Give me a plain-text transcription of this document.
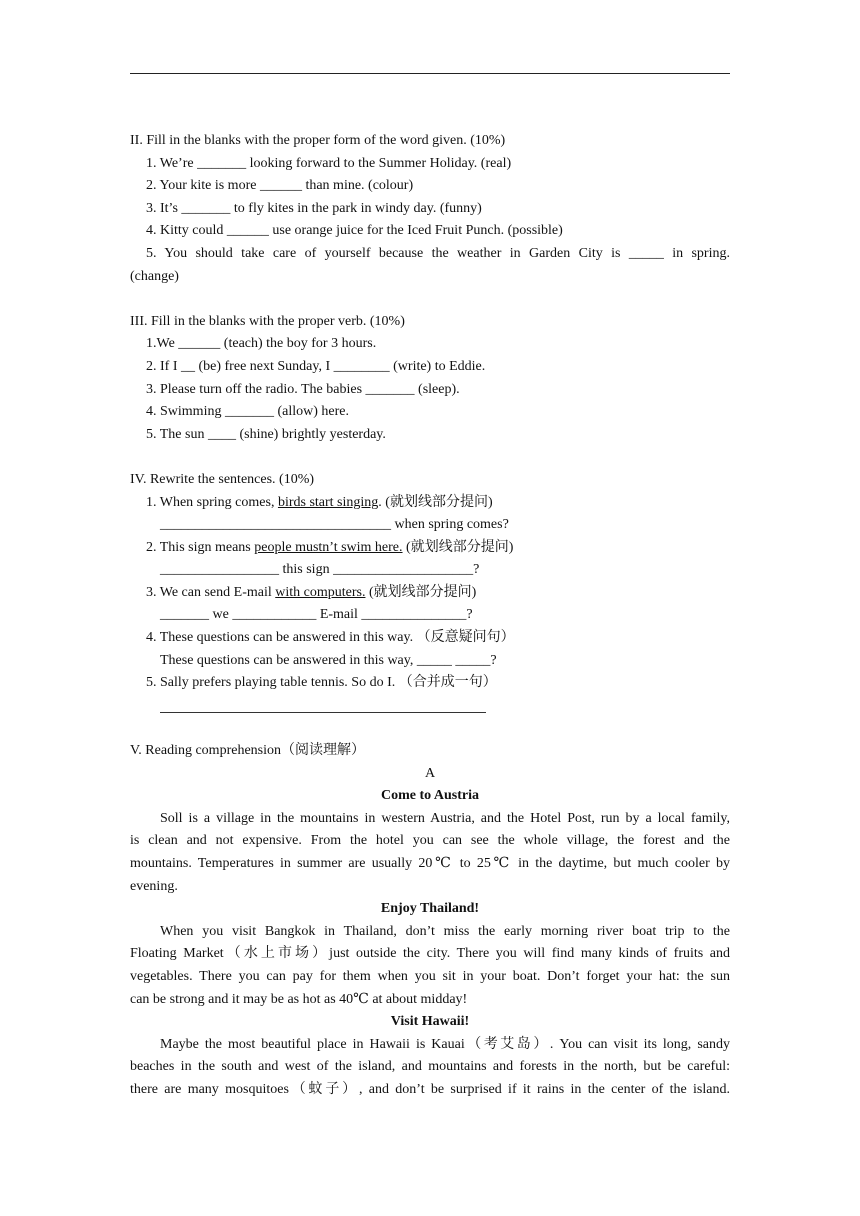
II. Fill in the blanks with the proper form of the word given. (10%)
1. We’re _______ looking forward to the Summer Holiday. (real)
2. Your kite is more ______ than mine. (colour)
3. It’s _______ to fly kites in the park in windy day. (funny)
4. Kitty could ______ use orange juice for the Iced Fruit Punch. (possible)
5. You should take care of yourself because the weather in Garden City is _____ in spring.
(change)
III. Fill in the blanks with the proper verb. (10%)
1.We ______ (teach) the boy for 3 hours.
2. If I __ (be) free next Sunday, I ________ (write) to Eddie.
3. Please turn off the radio. The babies _______ (sleep).
4. Swimming _______ (allow) here.
5. The sun ____ (shine) brightly yesterday.
IV. Rewrite the sentences. (10%)
1. When spring comes, birds start singing. (就划线部分提问)
_________________________________ when spring comes?
2. This sign means people mustn’t swim here. (就划线部分提问)
_________________ this sign ____________________?
3. We can send E-mail with computers. (就划线部分提问)
_______ we ____________ E-mail _______________?
4. These questions can be answered in this way. （反意疑问句）
These questions can be answered in this way, _____ _____?
5. Sally prefers playing table tennis. So do I. （合并成一句）
V. Reading comprehension（阅读理解）
A
Come to Austria
Soll is a village in the mountains in western Austria, and the Hotel Post, run by a local family,
is clean and not expensive. From the hotel you can see the whole village, the forest and the
mountains. Temperatures in summer are usually 20℃ to 25℃ in the daytime, but much cooler by
evening.
Enjoy Thailand!
When you visit Bangkok in Thailand, don’t miss the early morning river boat trip to the
Floating Market（水上市场）just outside the city. There you will find many kinds of fruits and
vegetables. There you can pay for them when you sit in your boat. Don’t forget your hat: the sun
can be strong and it may be as hot as 40℃ at about midday!
Visit Hawaii!
Maybe the most beautiful place in Hawaii is Kauai（考艾岛）. You can visit its long, sandy
beaches in the south and west of the island, and mountains and forests in the north, but be careful:
there are many mosquitoes（蚊子）, and don’t be surprised if it rains in the center of the island.
